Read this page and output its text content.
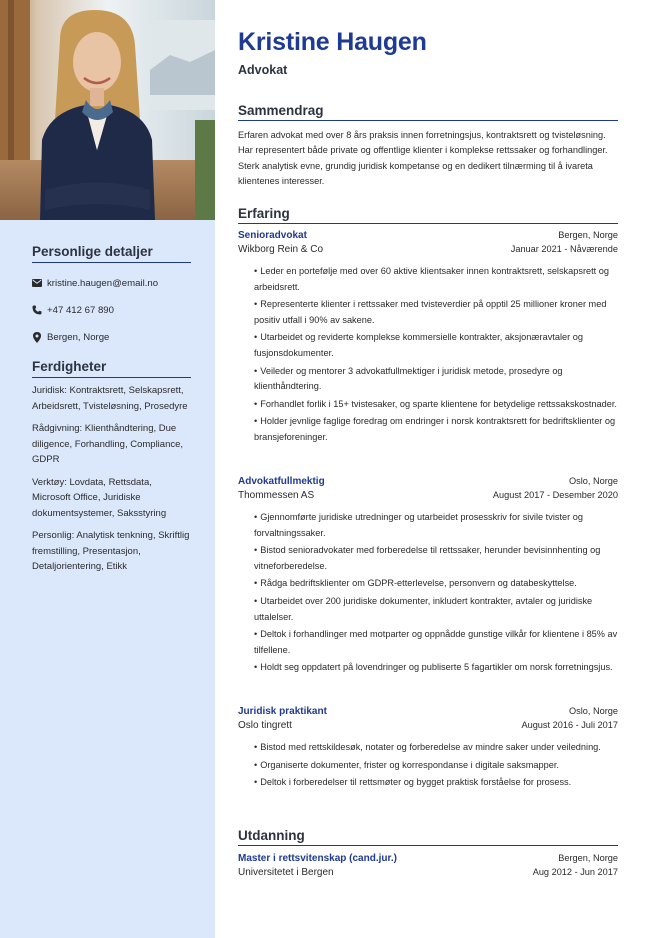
Personlige detaljer
kristine.haugen@email.no
+47 412 67 890
Bergen, Norge
Ferdigheter
Juridisk: Kontraktsrett, Selskapsrett, Arbeidsrett, Tvisteløsning, Prosedyre
Rådgivning: Klienthåndtering, Due diligence, Forhandling, Compliance, GDPR
Verktøy: Lovdata, Rettsdata, Microsoft Office, Juridiske dokumentsystemer, Saksstyring
Personlig: Analytisk tenkning, Skriftlig fremstilling, Presentasjon, Detaljorientering, Etikk
Kristine Haugen
Advokat
Sammendrag
Erfaren advokat med over 8 års praksis innen forretningsjus, kontraktsrett og tvisteløsning. Har representert både private og offentlige klienter i komplekse rettssaker og forhandlinger. Sterk analytisk evne, grundig juridisk kompetanse og en dedikert tilnærming til å ivareta klientenes interesser.
Erfaring
Senioradvokat	Bergen, Norge
Wikborg Rein & Co	Januar 2021 - Nåværende
• Leder en portefølje med over 60 aktive klientsaker innen kontraktsrett, selskapsrett og arbeidsrett.
• Representerte klienter i rettssaker med tvisteverdier på opptil 25 millioner kroner med positiv utfall i 90% av sakene.
• Utarbeidet og reviderte komplekse kommersielle kontrakter, aksjonæravtaler og fusjonsdokumenter.
• Veileder og mentorer 3 advokatfullmektiger i juridisk metode, prosedyre og klienthåndtering.
• Forhandlet forlik i 15+ tvistesaker, og sparte klientene for betydelige rettssakskostnader.
• Holder jevnlige faglige foredrag om endringer i norsk kontraktsrett for bedriftsklienter og bransjeforeninger.
Advokatfullmektig	Oslo, Norge
Thommessen AS	August 2017 - Desember 2020
• Gjennomførte juridiske utredninger og utarbeidet prosesskriv for sivile tvister og forvaltningssaker.
• Bistod senioradvokater med forberedelse til rettssaker, herunder bevisinnhenting og vitneforberedelse.
• Rådga bedriftsklienter om GDPR-etterlevelse, personvern og databeskyttelse.
• Utarbeidet over 200 juridiske dokumenter, inkludert kontrakter, avtaler og juridiske uttalelser.
• Deltok i forhandlinger med motparter og oppnådde gunstige vilkår for klientene i 85% av tilfellene.
• Holdt seg oppdatert på lovendringer og publiserte 5 fagartikler om norsk forretningsjus.
Juridisk praktikant	Oslo, Norge
Oslo tingrett	August 2016 - Juli 2017
• Bistod med rettskildesøk, notater og forberedelse av mindre saker under veiledning.
• Organiserte dokumenter, frister og korrespondanse i digitale saksmapper.
• Deltok i forberedelser til rettsmøter og bygget praktisk forståelse for prosess.
Utdanning
Master i rettsvitenskap (cand.jur.)	Bergen, Norge
Universitetet i Bergen	Aug 2012 - Jun 2017
